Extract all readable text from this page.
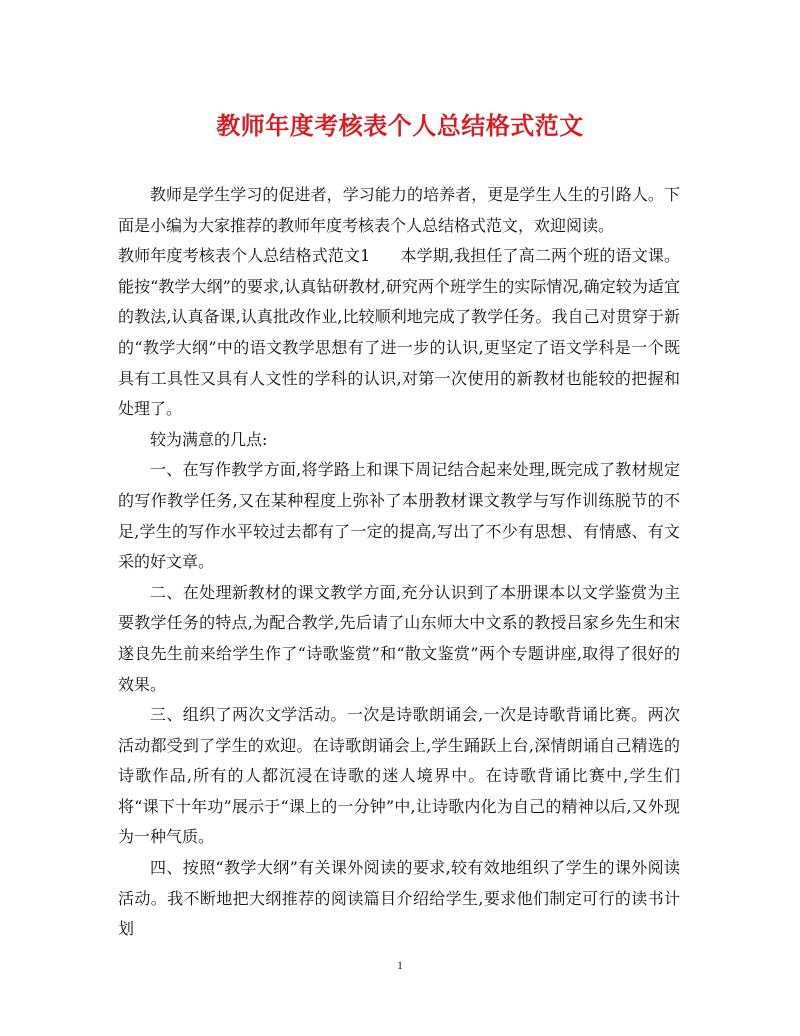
教师年度考核表个人总结格式范文

教师是学生学习的促进者，学习能力的培养者，更是学生人生的引路人。下面是小编为大家推荐的教师年度考核表个人总结格式范文，欢迎阅读。

教师年度考核表个人总结格式范文1 本学期,我担任了高二两个班的语文课。能按“教学大纲”的要求,认真钻研教材,研究两个班学生的实际情况,确定较为适宜的教法,认真备课,认真批改作业,比较顺利地完成了教学任务。我自己对贯穿于新的“教学大纲”中的语文教学思想有了进一步的认识,更坚定了语文学科是一个既具有工具性又具有人文性的学科的认识,对第一次使用的新教材也能较的把握和处理了。

较为满意的几点:

一、在写作教学方面,将学路上和课下周记结合起来处理,既完成了教材规定的写作教学任务,又在某种程度上弥补了本册教材课文教学与写作训练脱节的不足,学生的写作水平较过去都有了一定的提高,写出了不少有思想、有情感、有文采的好文章。

二、在处理新教材的课文教学方面,充分认识到了本册课本以文学鉴赏为主要教学任务的特点,为配合教学,先后请了山东师大中文系的教授吕家乡先生和宋遂良先生前来给学生作了“诗歌鉴赏”和“散文鉴赏”两个专题讲座,取得了很好的效果。

三、组织了两次文学活动。一次是诗歌朗诵会,一次是诗歌背诵比赛。两次活动都受到了学生的欢迎。在诗歌朗诵会上,学生踊跃上台,深情朗诵自己精选的诗歌作品,所有的人都沉浸在诗歌的迷人境界中。在诗歌背诵比赛中,学生们将“课下十年功”展示于“课上的一分钟”中,让诗歌内化为自己的精神以后,又外现为一种气质。

四、按照“教学大纲”有关课外阅读的要求,较有效地组织了学生的课外阅读活动。我不断地把大纲推荐的阅读篇目介绍给学生,要求他们制定可行的读书计划

1
